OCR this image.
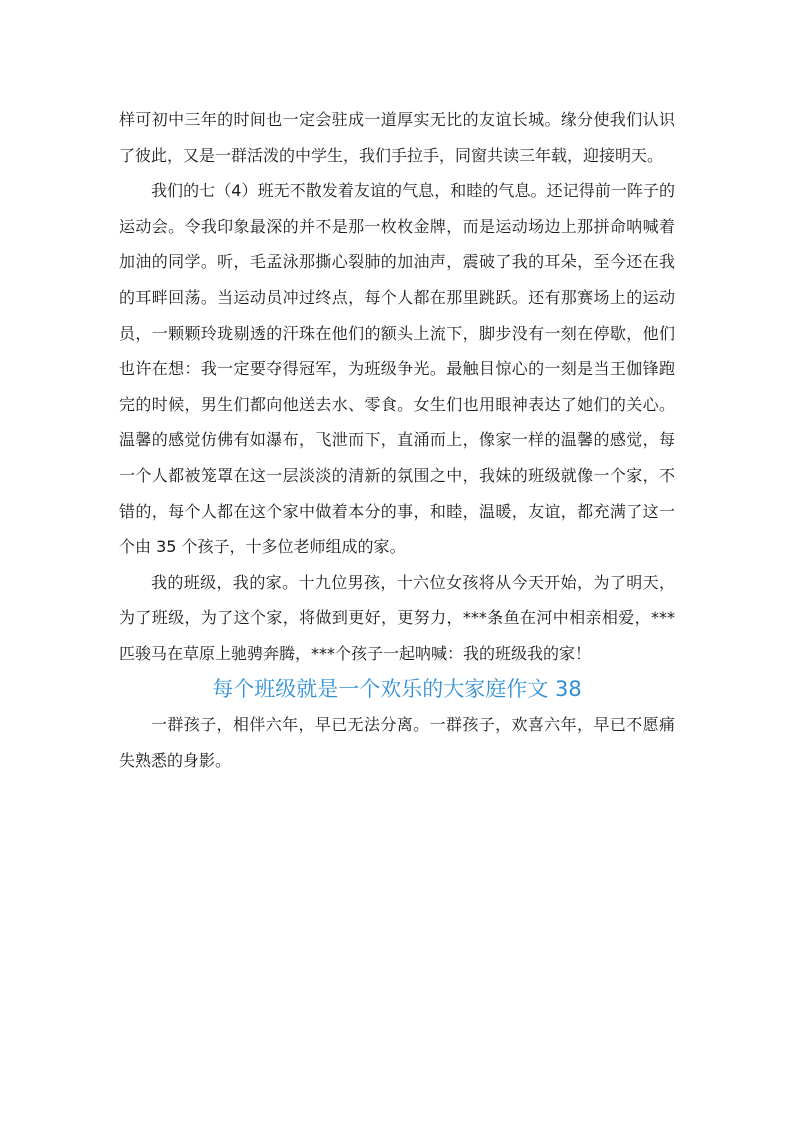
样可初中三年的时间也一定会驻成一道厚实无比的友谊长城。缘分使我们认识了彼此，又是一群活泼的中学生，我们手拉手，同窗共读三年载，迎接明天。

我们的七（4）班无不散发着友谊的气息，和睦的气息。还记得前一阵子的运动会。令我印象最深的并不是那一枚枚金牌，而是运动场边上那拼命呐喊着加油的同学。听，毛孟泳那撕心裂肺的加油声，震破了我的耳朵，至今还在我的耳畔回荡。当运动员冲过终点，每个人都在那里跳跃。还有那赛场上的运动员，一颗颗玲珑剔透的汗珠在他们的额头上流下，脚步没有一刻在停歇，他们也许在想：我一定要夺得冠军，为班级争光。最触目惊心的一刻是当王伽锋跑完的时候，男生们都向他送去水、零食。女生们也用眼神表达了她们的关心。温馨的感觉仿佛有如瀑布，飞泄而下，直涌而上，像家一样的温馨的感觉，每一个人都被笼罩在这一层淡淡的清新的氛围之中，我妹的班级就像一个家，不错的，每个人都在这个家中做着本分的事，和睦，温暖，友谊，都充满了这一个由 35 个孩子，十多位老师组成的家。

我的班级，我的家。十九位男孩，十六位女孩将从今天开始，为了明天，为了班级，为了这个家，将做到更好，更努力，***条鱼在河中相亲相爱，***匹骏马在草原上驰骋奔腾，***个孩子一起呐喊：我的班级我的家！

每个班级就是一个欢乐的大家庭作文 38

一群孩子，相伴六年，早已无法分离。一群孩子，欢喜六年，早已不愿痛失熟悉的身影。
